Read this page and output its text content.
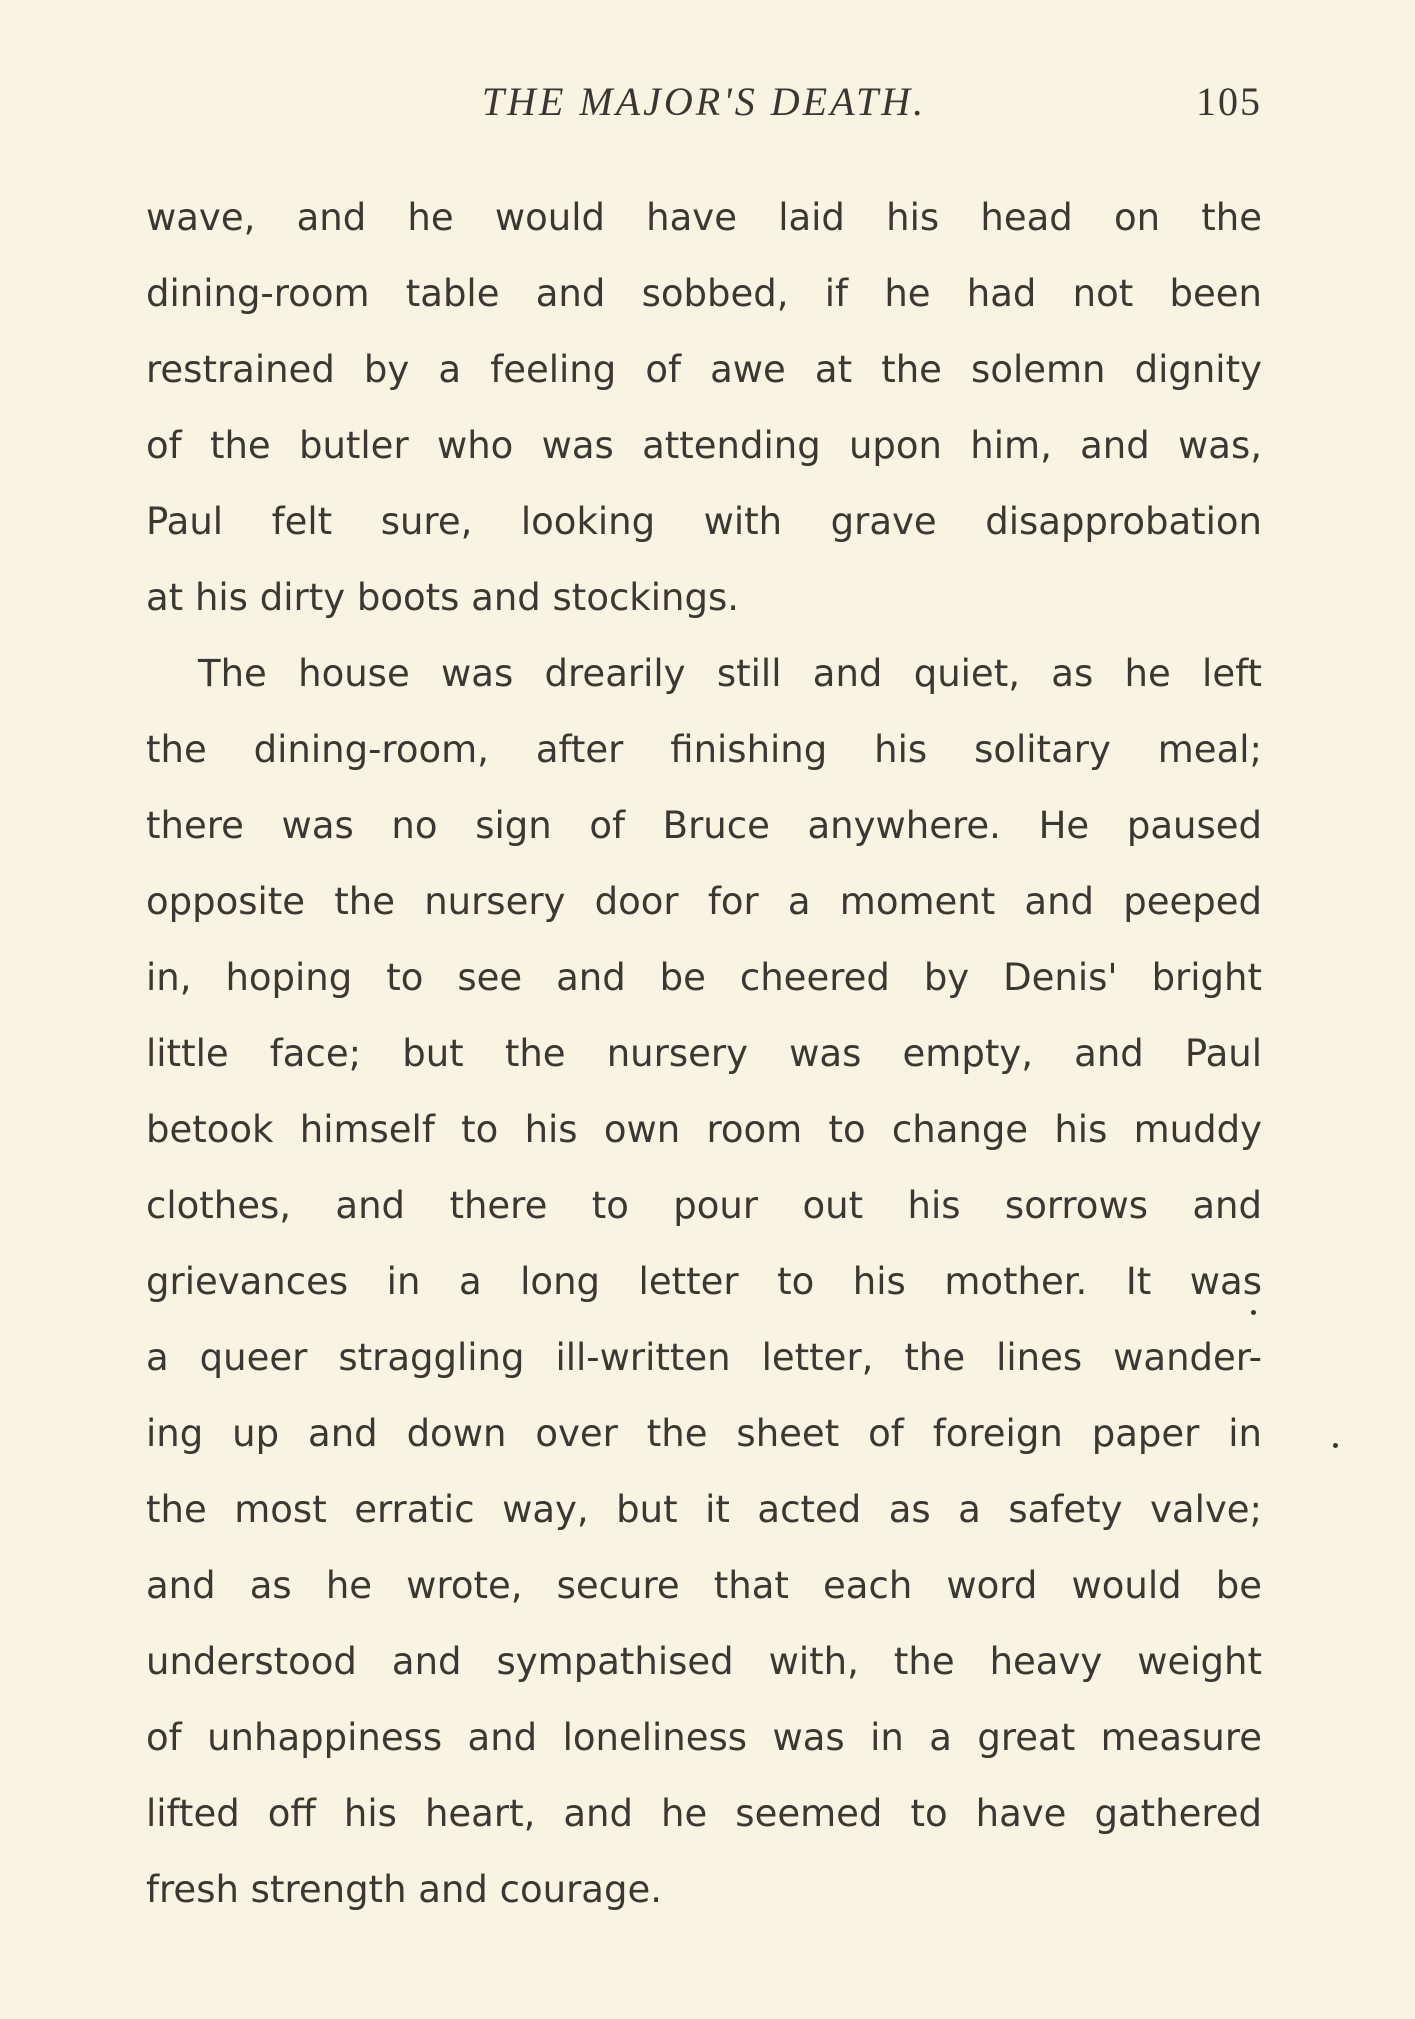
THE MAJOR'S DEATH.	105
wave, and he would have laid his head on the
dining-room table and sobbed, if he had not been
restrained by a feeling of awe at the solemn dignity
of the butler who was attending upon him, and was,
Paul felt sure, looking with grave disapprobation
at his dirty boots and stockings.
The house was drearily still and quiet, as he left
the dining-room, after finishing his solitary meal;
there was no sign of Bruce anywhere. He paused
opposite the nursery door for a moment and peeped
in, hoping to see and be cheered by Denis' bright
little face; but the nursery was empty, and Paul
betook himself to his own room to change his muddy
clothes, and there to pour out his sorrows and
grievances in a long letter to his mother. It was
a queer straggling ill-written letter, the lines wander-
ing up and down over the sheet of foreign paper in
the most erratic way, but it acted as a safety valve;
and as he wrote, secure that each word would be
understood and sympathised with, the heavy weight
of unhappiness and loneliness was in a great measure
lifted off his heart, and he seemed to have gathered
fresh strength and courage.
